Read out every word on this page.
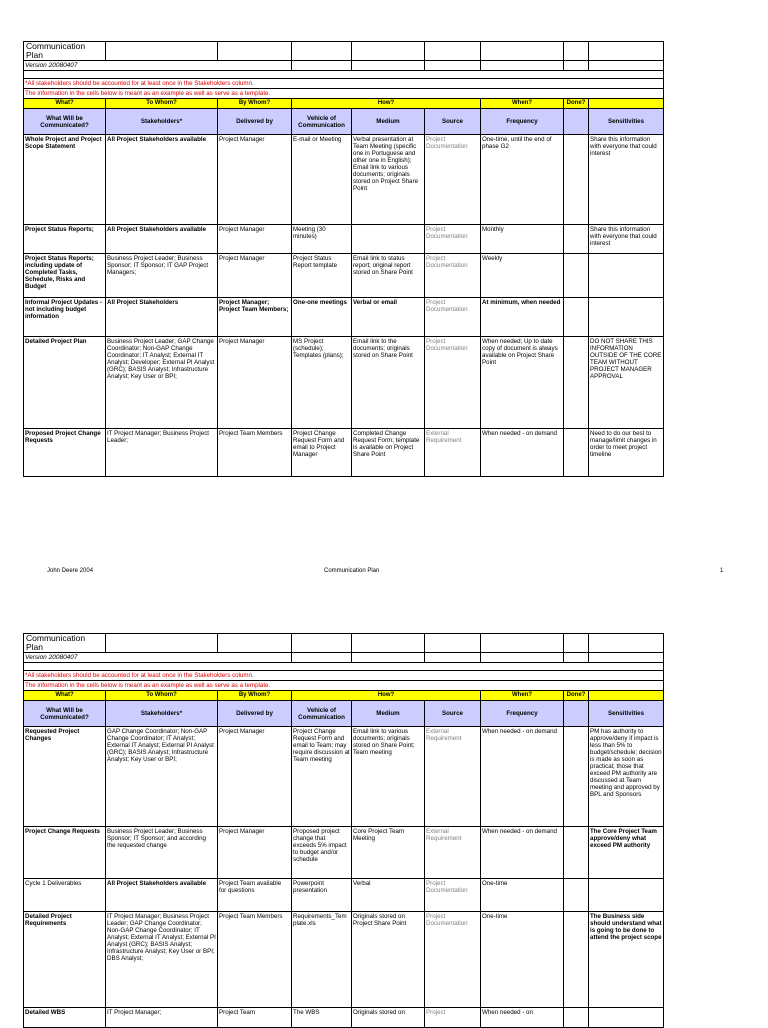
Communication Plan								
Version 20080407								

*All stakeholders should be accounted for at least once in the Stakeholders column.								
The information in the cells below is meant as an example as well as serve as a template.								
What?	To Whom?	By Whom?	How?			When?	Done?	
What Will be Communicated?	Stakeholders*	Delivered by	Vehicle of Communication	Medium	Source	Frequency		Sensitivities
Whole Project and Project Scope Statement	All Project Stakeholders available	Project Manager	E-mail or Meeting	Verbal presentation at Team Meeting (specific one in Portuguese and other one in English); Email link to various documents; originals stored on Project Share Point	Project Documentation	One-time, until the end of phase G2		Share this information with everyone that could interest
Project Status Reports;	All Project Stakeholders available	Project Manager	Meeting (30 minutes)		Project Documentation	Monthly		Share this information with everyone that could interest
Project Status Reports; including update of Completed Tasks, Schedule, Risks and Budget	Business Project Leader; Business Sponsor; IT Sponsor; IT GAP Project Managers;	Project Manager	Project Status Report template	Email link to status report; original report stored on Share Point	Project Documentation	Weekly		
Informal Project Updates - not including budget information	All Project Stakeholders	Project Manager; Project Team Members;	One-one meetings	Verbal or email	Project Documentation	At minimum, when needed		
Detailed Project Plan	Business Project Leader; GAP Change Coordinator; Non-GAP Change Coordinator; IT Analyst; External IT Analyst; Developer; External PI Analyst (GRC); BASIS Analyst; Infrastructure Analyst; Key User or BPI;	Project Manager	MS Project (schedule); Templates (plans);	Email link to the documents; originals stored on Share Point	Project Documentation	When needed; Up to date copy of document is always available on Project Share Point		DO NOT SHARE THIS INFORMATION OUTSIDE OF THE CORE TEAM WITHOUT PROJECT MANAGER APPROVAL
Proposed Project Change Requests	IT Project Manager; Business Project Leader;	Project Team Members	Project Change Request Form and email to Project Manager	Completed Change Request Form; template is available on Project Share Point	External Requirement	When needed - on demand		Need to do our best to manage/limit changes in order to meet project timeline
John Deere 2004	Communication Plan	1
Communication Plan								
Version 20080407								

*All stakeholders should be accounted for at least once in the Stakeholders column.								
The information in the cells below is meant as an example as well as serve as a template.								
What?	To Whom?	By Whom?	How?			When?	Done?	
What Will be Communicated?	Stakeholders*	Delivered by	Vehicle of Communication	Medium	Source	Frequency		Sensitivities
Requested Project Changes	GAP Change Coordinator; Non-GAP Change Coordinator; IT Analyst; External IT Analyst; External PI Analyst (GRC); BASIS Analyst; Infrastructure Analyst; Key User or BPI;	Project Manager	Project Change Request Form and email to Team; may require discussion at Team meeting	Email link to various documents; originals stored on Share Point; Team meeting	External Requirement	When needed - on demand		PM has authority to approve/deny if impact is less than 5% to budget/schedule; decision is made as soon as practical; those that exceed PM authority are discussed at Team meeting and approved by BPL and Sponsors
Project Change Requests	Business Project Leader; Business Sponsor; IT Sponsor; and according the requested change	Project Manager	Proposed project change that exceeds 5% impact to budget and/or schedule	Core Project Team Meeting	External Requirement	When needed - on demand		The Core Project Team approve/deny what exceed PM authority
Cycle 1 Deliverables	All Project Stakeholders available	Project Team available for questions	Powerpoint presentation	Verbal	Project Documentation	One-time		
Detailed Project Requirements	IT Project Manager; Business Project Leader; GAP Change Coordinator; Non-GAP Change Coordinator; IT Analyst; External IT Analyst; External PI Analyst (GRC); BASIS Analyst; Infrastructure Analyst; Key User or BPI; DBS Analyst;	Project Team Members	Requirements_Template.xls	Originals stored on Project Share Point	Project Documentation	One-time		The Business side should understand what is going to be done to attend the project scope
Detailed WBS	IT Project Manager;	Project Team	The WBS	Originals stored on	Project	When needed - on		
